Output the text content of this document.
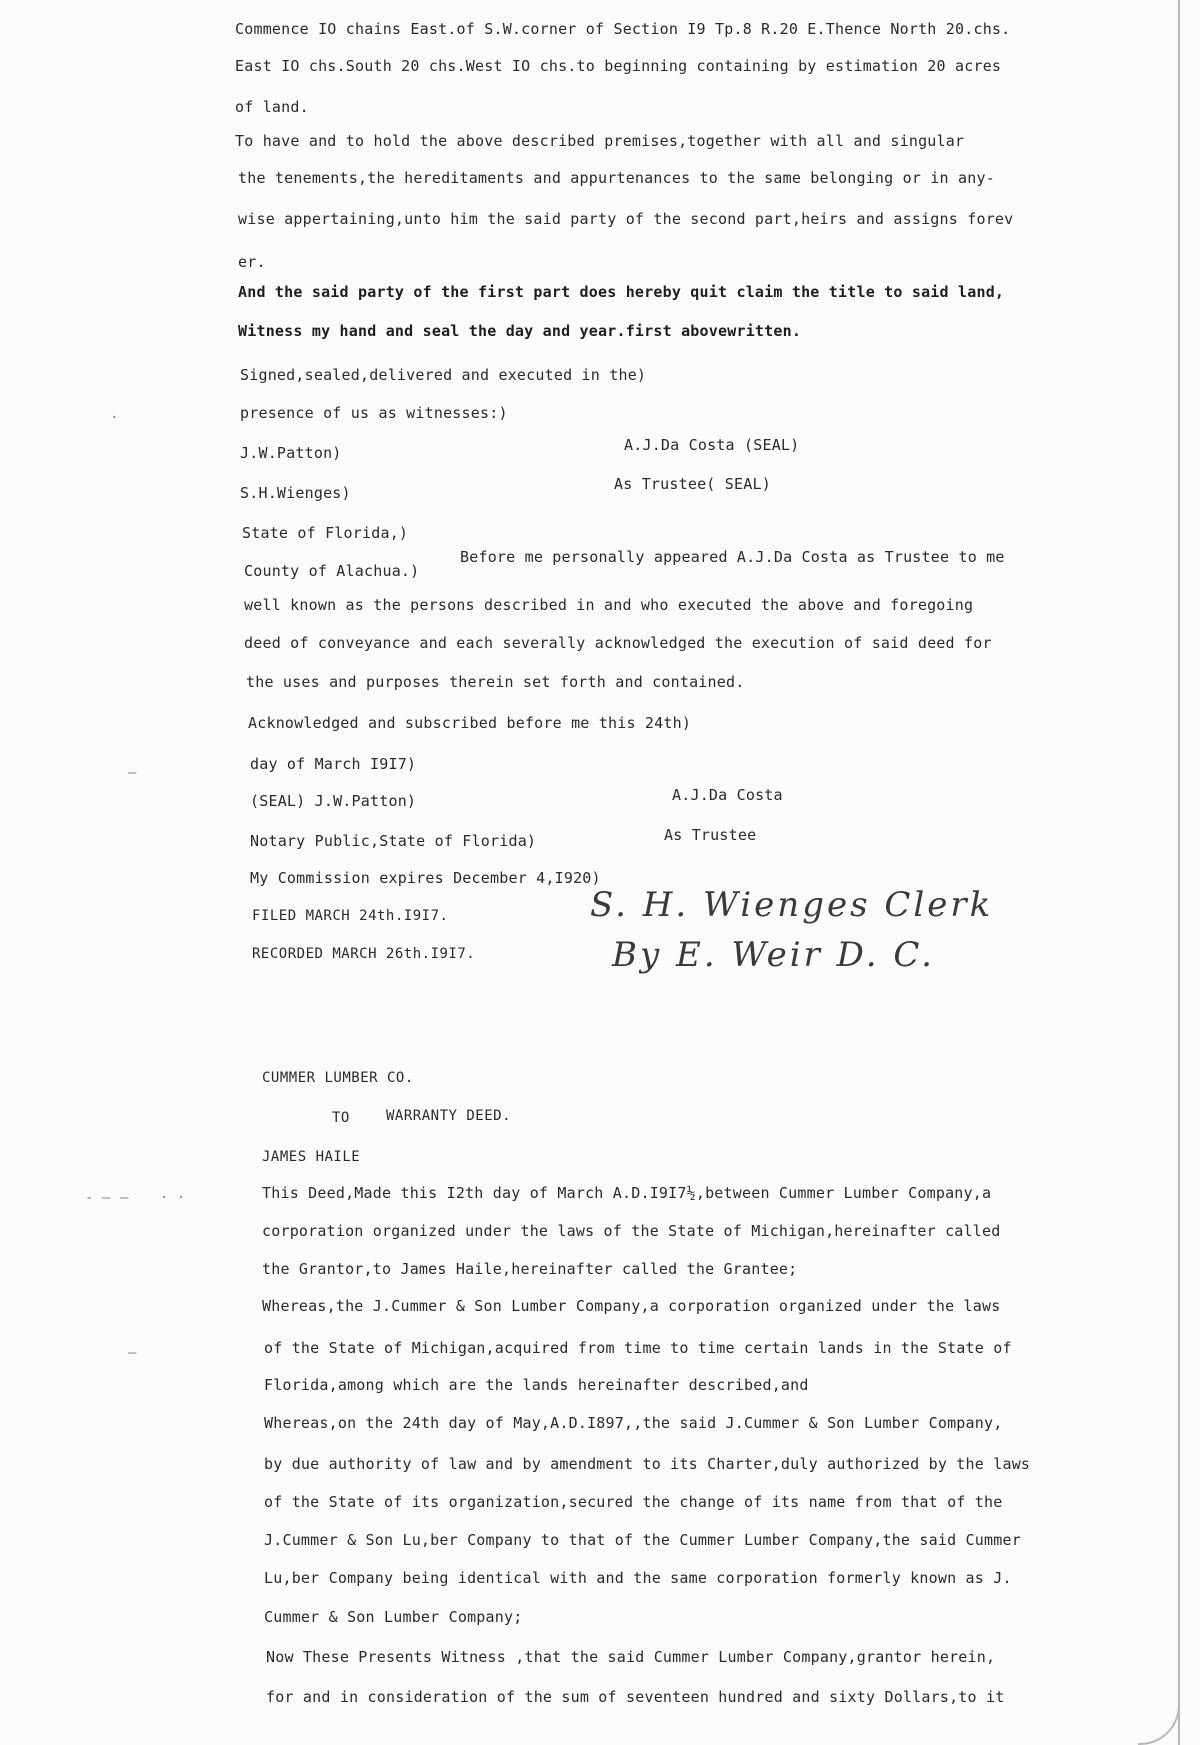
Commence IO chains East.of S.W.corner of Section I9 Tp.8 R.20 E.Thence North 20.chs.
East IO chs.South 20 chs.West IO chs.to beginning containing by estimation 20 acres
of land.
To have and to hold the above described premises,together with all and singular
the tenements,the hereditaments and appurtenances to the same belonging or in any-
wise appertaining,unto him the said party of the second part,heirs and assigns forev
er.
And the said party of the first part does hereby quit claim the title to said land,
Witness my hand and seal the day and year.first abovewritten.
Signed,sealed,delivered and executed in the)
presence of us as witnesses:)
J.W.Patton)	A.J.Da Costa (SEAL)
S.H.Wienges)	As Trustee( SEAL)
State of Florida,)
County of Alachua.)
Before me personally appeared A.J.Da Costa as Trustee to me
well known as the persons described in and who executed the above and foregoing
deed of conveyance and each severally acknowledged the execution of said deed for
the uses and purposes therein set forth and contained.
Acknowledged and subscribed before me this 24th)
day of March I9I7)
(SEAL) J.W.Patton)	A.J.Da Costa
Notary Public,State of Florida)	As Trustee
My Commission expires December 4,I920)
FILED MARCH 24th.I9I7.
RECORDED MARCH 26th.I9I7.
S. H. Wienges Clerk
By E. Weir D. C.
CUMMER LUMBER CO.
TO	WARRANTY DEED.
JAMES HAILE
This Deed,Made this I2th day of March A.D.I9I7½,between Cummer Lumber Company,a
corporation organized under the laws of the State of Michigan,hereinafter called
the Grantor,to James Haile,hereinafter called the Grantee;
Whereas,the J.Cummer & Son Lumber Company,a corporation organized under the laws
of the State of Michigan,acquired from time to time certain lands in the State of
Florida,among which are the lands hereinafter described,and
Whereas,on the 24th day of May,A.D.I897,,the said J.Cummer & Son Lumber Company,
by due authority of law and by amendment to its Charter,duly authorized by the laws
of the State of its organization,secured the change of its name from that of the
J.Cummer & Son Lu,ber Company to that of the Cummer Lumber Company,the said Cummer
Lu,ber Company being identical with and the same corporation formerly known as J.
Cummer & Son Lumber Company;
Now These Presents Witness ,that the said Cummer Lumber Company,grantor herein,
for and in consideration of the sum of seventeen hundred and sixty Dollars,to it
·
–
- – – · ·
–
